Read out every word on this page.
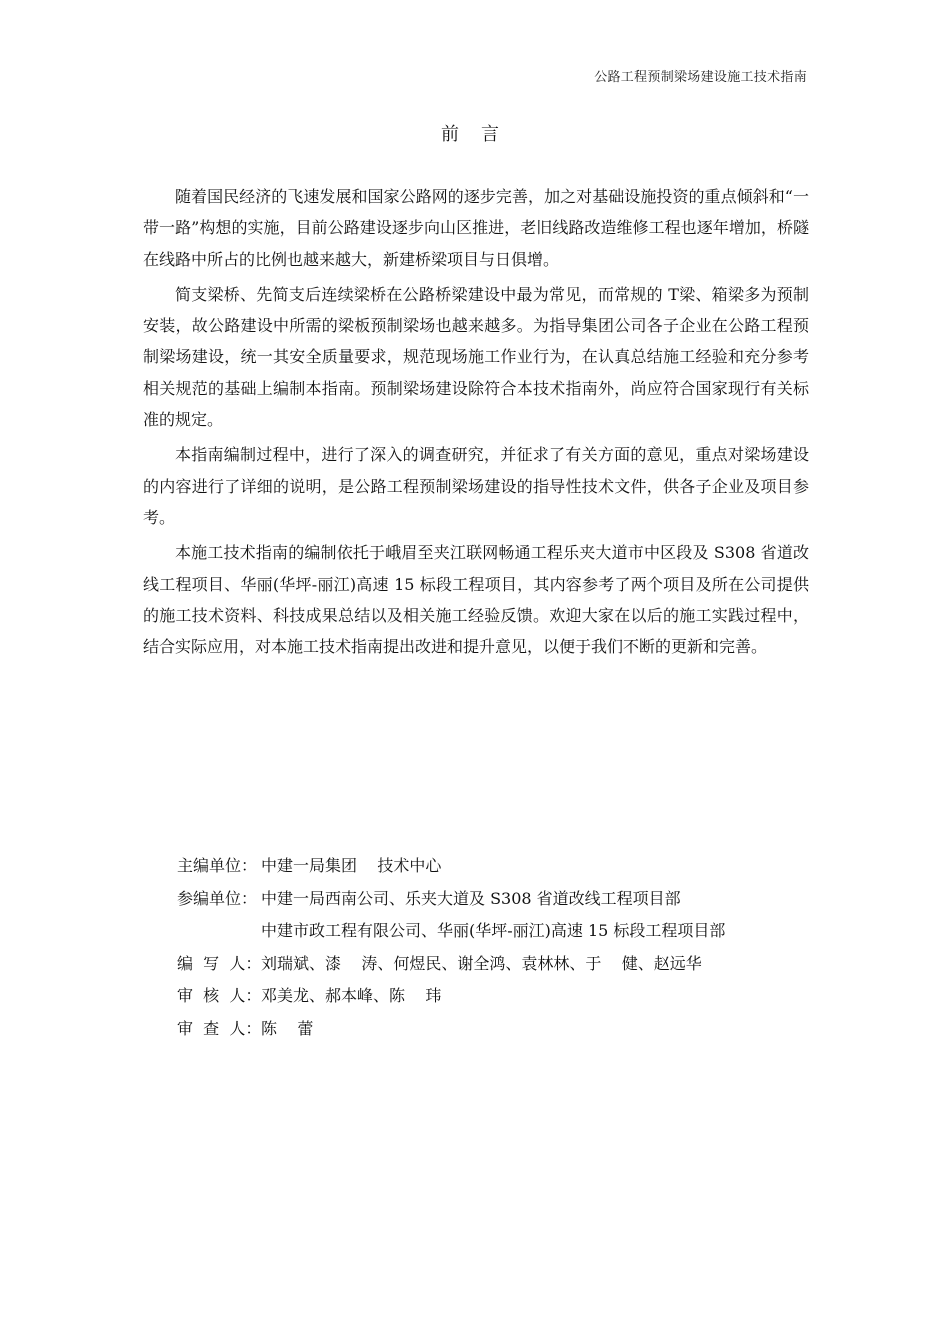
公路工程预制梁场建设施工技术指南
前言

随着国民经济的飞速发展和国家公路网的逐步完善，加之对基础设施投资的重点倾斜和“一带一路”构想的实施，目前公路建设逐步向山区推进，老旧线路改造维修工程也逐年增加，桥隧在线路中所占的比例也越来越大，新建桥梁项目与日俱增。

简支梁桥、先简支后连续梁桥在公路桥梁建设中最为常见，而常规的 T梁、箱梁多为预制安装，故公路建设中所需的梁板预制梁场也越来越多。为指导集团公司各子企业在公路工程预制梁场建设，统一其安全质量要求，规范现场施工作业行为，在认真总结施工经验和充分参考相关规范的基础上编制本指南。预制梁场建设除符合本技术指南外，尚应符合国家现行有关标准的规定。

本指南编制过程中，进行了深入的调查研究，并征求了有关方面的意见，重点对梁场建设的内容进行了详细的说明，是公路工程预制梁场建设的指导性技术文件，供各子企业及项目参考。

本施工技术指南的编制依托于峨眉至夹江联网畅通工程乐夹大道市中区段及 S308 省道改线工程项目、华丽(华坪-丽江)高速 15 标段工程项目，其内容参考了两个项目及所在公司提供的施工技术资料、科技成果总结以及相关施工经验反馈。欢迎大家在以后的施工实践过程中，结合实际应用，对本施工技术指南提出改进和提升意见，以便于我们不断的更新和完善。

主编单位： 中建一局集团    技术中心
参编单位： 中建一局西南公司、乐夹大道及 S308 省道改线工程项目部
中建市政工程有限公司、华丽(华坪-丽江)高速 15 标段工程项目部
编  写  人： 刘瑞斌、漆    涛、何煜民、谢全鸿、袁林林、于    健、赵远华
审  核  人： 邓美龙、郝本峰、陈    玮
审  查  人： 陈    蕾
